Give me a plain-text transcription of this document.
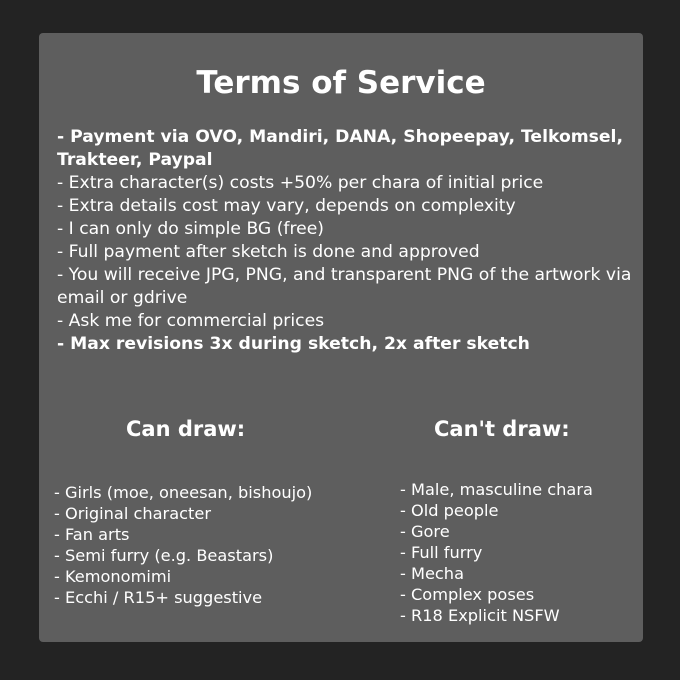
Terms of Service
- Payment via OVO, Mandiri, DANA, Shopeepay, Telkomsel, Trakteer, Paypal
- Extra character(s) costs +50% per chara of initial price
- Extra details cost may vary, depends on complexity
- I can only do simple BG (free)
- Full payment after sketch is done and approved
- You will receive JPG, PNG, and transparent PNG of the artwork via email or gdrive
- Ask me for commercial prices
- Max revisions 3x during sketch, 2x after sketch
Can draw:	Can't draw:
- Girls (moe, oneesan, bishoujo)
- Original character
- Fan arts
- Semi furry (e.g. Beastars)
- Kemonomimi
- Ecchi / R15+ suggestive
- Male, masculine chara
- Old people
- Gore
- Full furry
- Mecha
- Complex poses
- R18 Explicit NSFW
